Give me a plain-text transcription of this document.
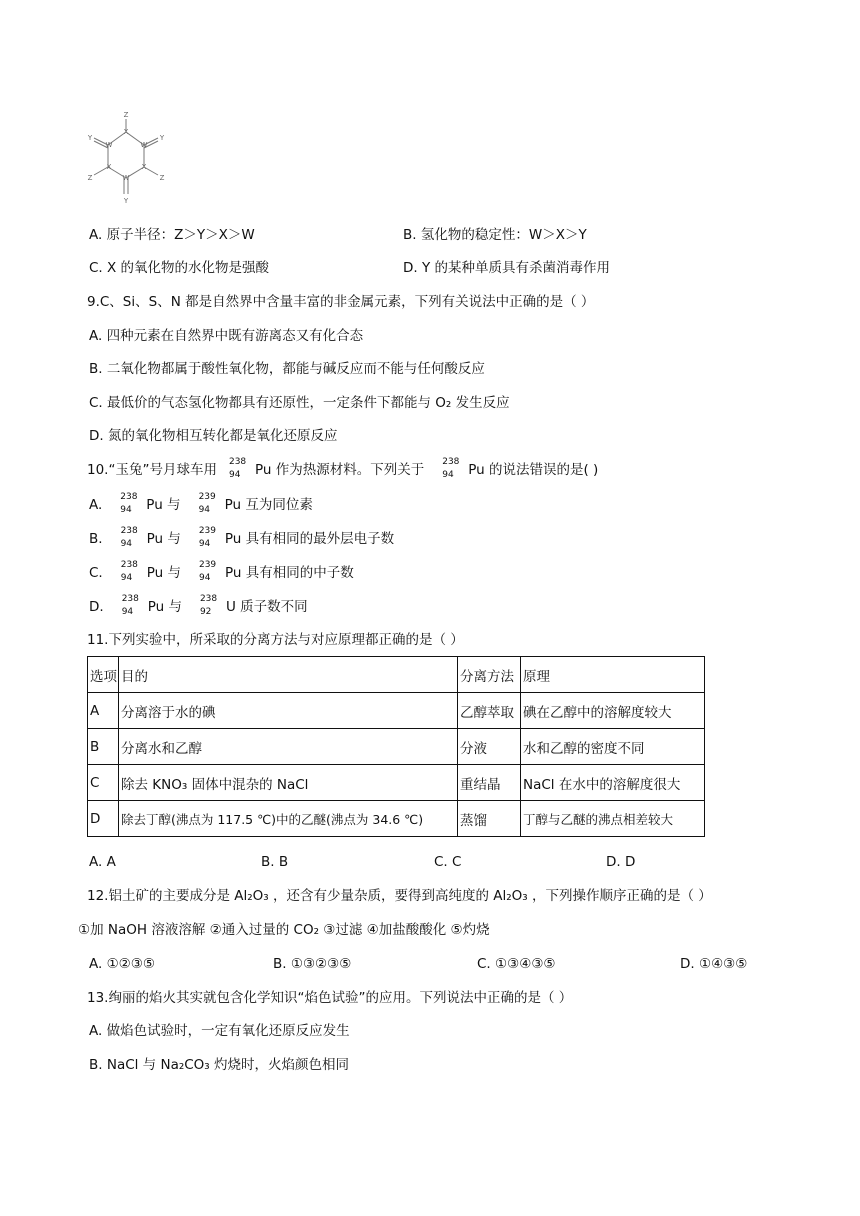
Y
Z
X
W
Y
W
X
X
W
Z	Z
Y
A. 原子半径：Z＞Y＞X＞W	B. 氢化物的稳定性：W＞X＞Y
C. X 的氧化物的水化物是强酸	D. Y 的某种单质具有杀菌消毒作用
9.C、Si、S、N 都是自然界中含量丰富的非金属元素，下列有关说法中正确的是（ ）
A. 四种元素在自然界中既有游离态又有化合态
B. 二氧化物都属于酸性氧化物，都能与碱反应而不能与任何酸反应
C. 最低价的气态氢化物都具有还原性，一定条件下都能与 O₂ 发生反应
D. 氮的氧化物相互转化都是氧化还原反应
10.“玉兔”号月球车用 238
94 Pu 作为热源材料。下列关于 238
94 Pu 的说法错误的是( )
A. 238
94 Pu 与 239
94 Pu 互为同位素
B. 238
94 Pu 与 239
94 Pu 具有相同的最外层电子数
C. 238
94 Pu 与 239
94 Pu 具有相同的中子数
D. 238
94 Pu 与 238
92 U 质子数不同
11.下列实验中，所采取的分离方法与对应原理都正确的是（ ）
选项	目的	分离方法	原理
A	分离溶于水的碘	乙醇萃取	碘在乙醇中的溶解度较大
B	分离水和乙醇	分液	水和乙醇的密度不同
C	除去 KNO₃ 固体中混杂的 NaCl	重结晶	NaCl 在水中的溶解度很大
D	除去丁醇(沸点为 117.5 ℃)中的乙醚(沸点为 34.6 ℃)	蒸馏	丁醇与乙醚的沸点相差较大
A. A	B. B	C. C	D. D
12.铝土矿的主要成分是 Al₂O₃ ，还含有少量杂质，要得到高纯度的 Al₂O₃ ，下列操作顺序正确的是（ ）
①加 NaOH 溶液溶解 ②通入过量的 CO₂ ③过滤 ④加盐酸酸化 ⑤灼烧
A. ①②③⑤	B. ①③②③⑤	C. ①③④③⑤	D. ①④③⑤
13.绚丽的焰火其实就包含化学知识“焰色试验”的应用。下列说法中正确的是（ ）
A. 做焰色试验时，一定有氧化还原反应发生
B. NaCl 与 Na₂CO₃ 灼烧时，火焰颜色相同
